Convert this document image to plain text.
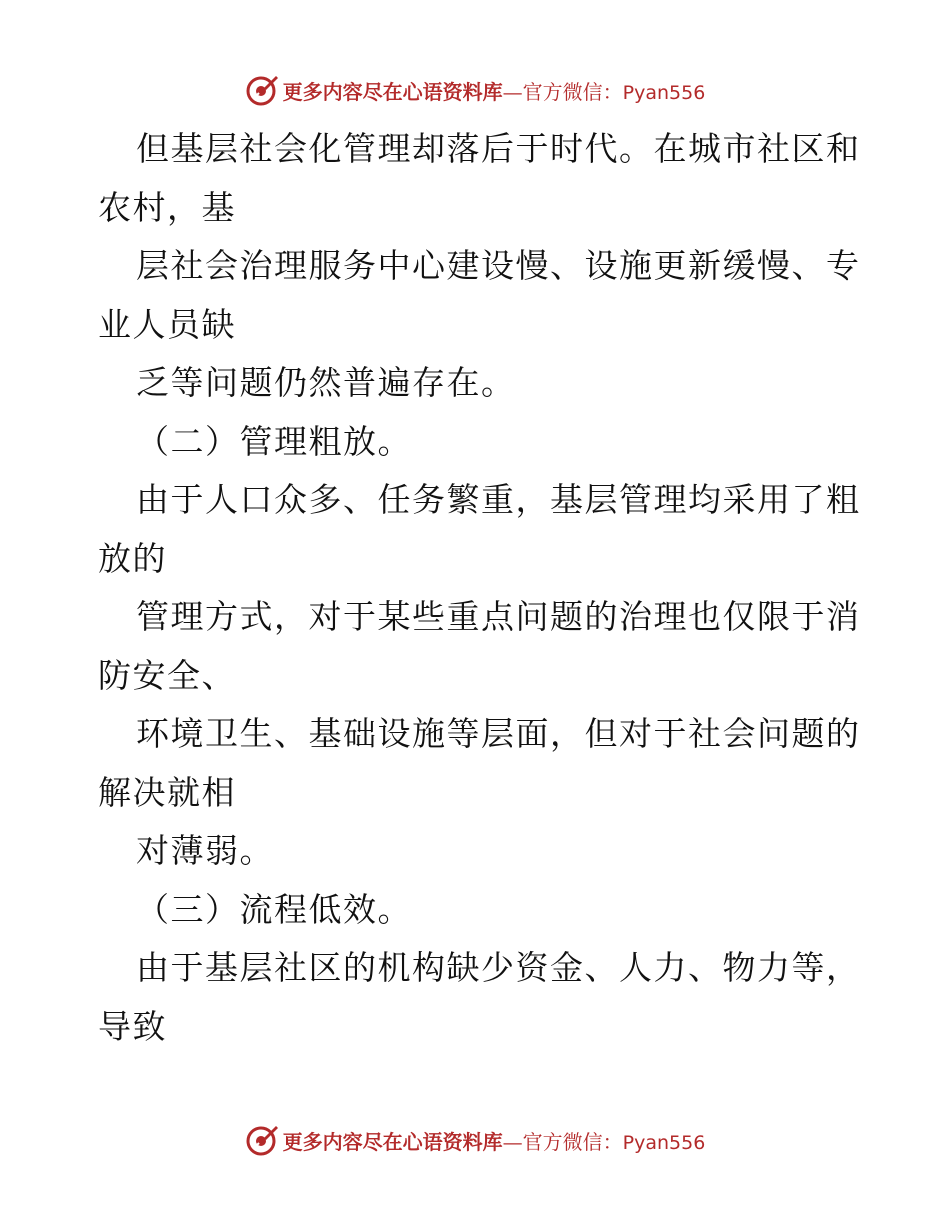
更多内容尽在心语资料库—官方微信：Pyan556
但基层社会化管理却落后于时代。在城市社区和
农村，基
层社会治理服务中心建设慢、设施更新缓慢、专
业人员缺
乏等问题仍然普遍存在。
（二）管理粗放。
由于人口众多、任务繁重，基层管理均采用了粗
放的
管理方式，对于某些重点问题的治理也仅限于消
防安全、
环境卫生、基础设施等层面，但对于社会问题的
解决就相
对薄弱。
（三）流程低效。
由于基层社区的机构缺少资金、人力、物力等，
导致
更多内容尽在心语资料库—官方微信：Pyan556
